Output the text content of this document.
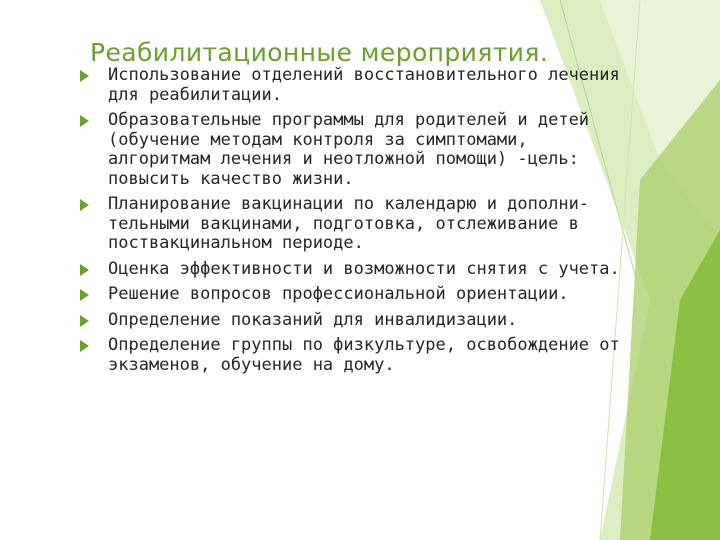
Реабилитационные мероприятия.
Использование отделений восстановительного лечения
для реабилитации.
Образовательные программы для родителей и детей
(обучение методам контроля за симптомами,
алгоритмам лечения и неотложной помощи) -цель:
повысить качество жизни.
Планирование вакцинации по календарю и дополни-
тельными вакцинами, подготовка, отслеживание в
поствакцинальном периоде.
Оценка эффективности и возможности снятия с учета.
Решение вопросов профессиональной ориентации.
Определение показаний для инвалидизации.
Определение группы по физкультуре, освобождение от
экзаменов, обучение на дому.
